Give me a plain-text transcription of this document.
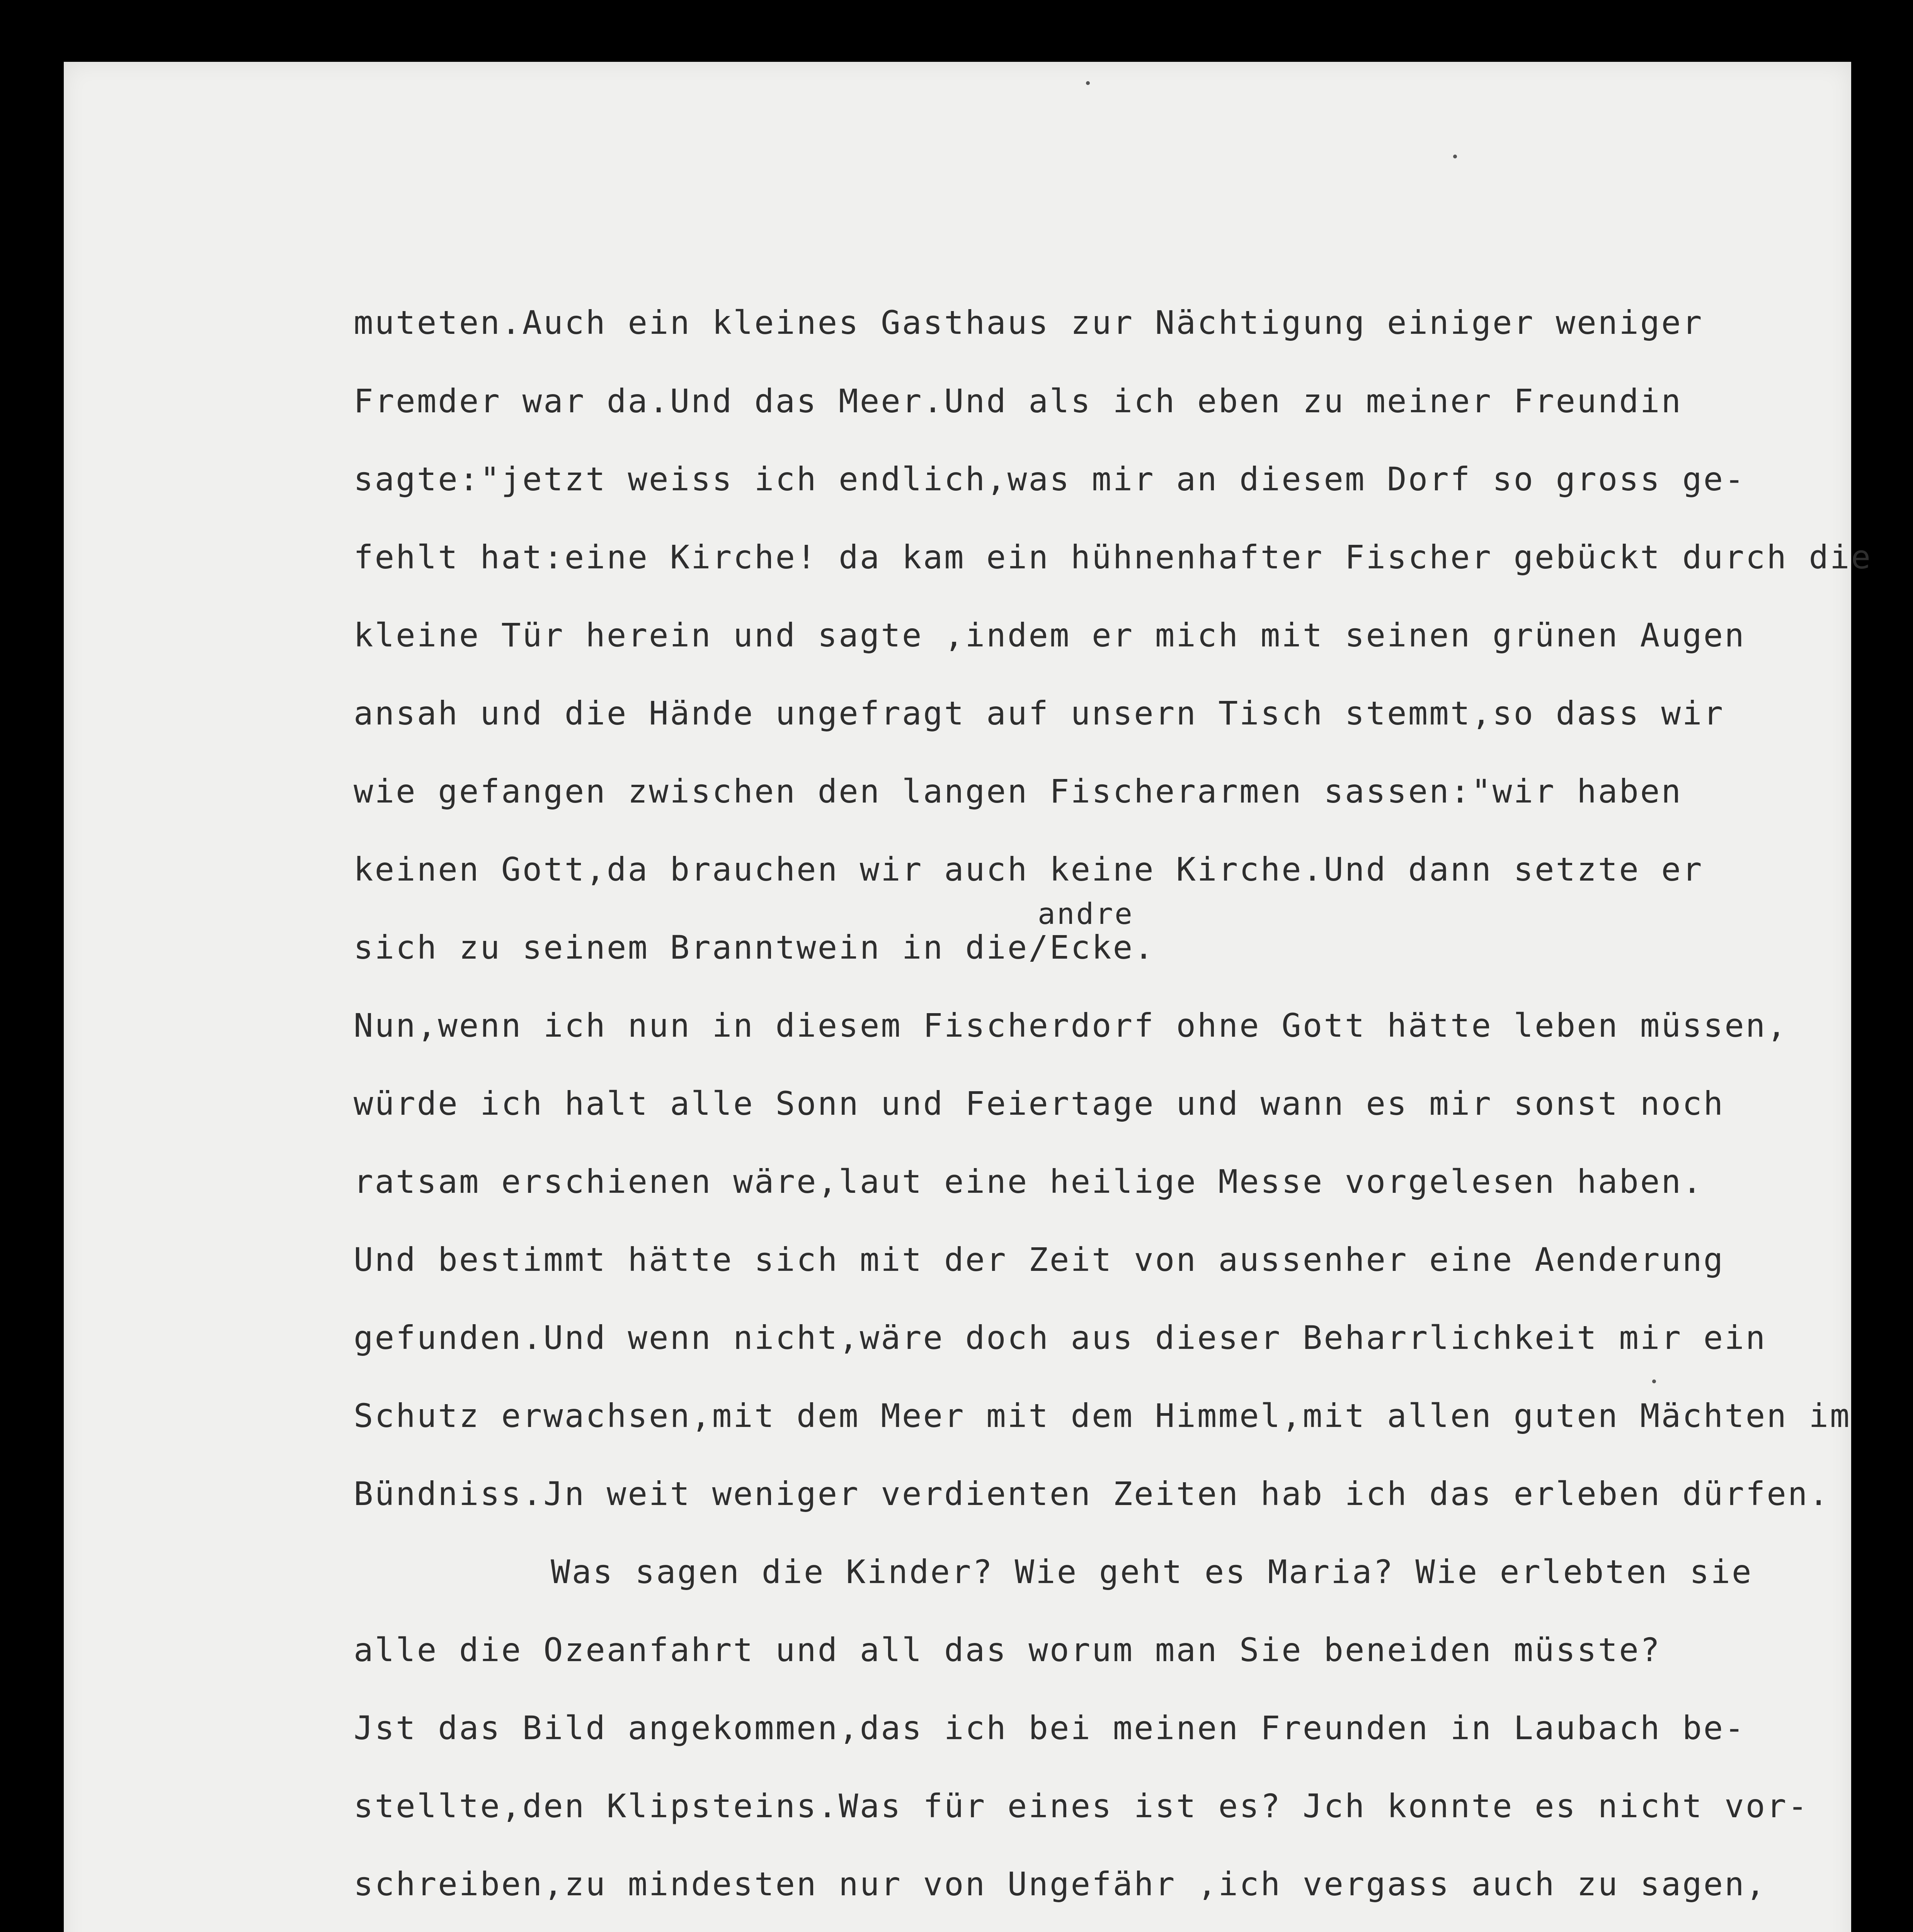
muteten.Auch ein kleines Gasthaus zur Nächtigung einiger weniger
Fremder war da.Und das Meer.Und als ich eben zu meiner Freundin
sagte:"jetzt weiss ich endlich,was mir an diesem Dorf so gross ge-
fehlt hat:eine Kirche! da kam ein hühnenhafter Fischer gebückt durch die
kleine Tür herein und sagte ,indem er mich mit seinen grünen Augen
ansah und die Hände ungefragt auf unsern Tisch stemmt,so dass wir
wie gefangen zwischen den langen Fischerarmen sassen:"wir haben
keinen Gott,da brauchen wir auch keine Kirche.Und dann setzte er
andre
sich zu seinem Branntwein in die/Ecke.
Nun,wenn ich nun in diesem Fischerdorf ohne Gott hätte leben müssen,
würde ich halt alle Sonn und Feiertage und wann es mir sonst noch
ratsam erschienen wäre,laut eine heilige Messe vorgelesen haben.
Und bestimmt hätte sich mit der Zeit von aussenher eine Aenderung
gefunden.Und wenn nicht,wäre doch aus dieser Beharrlichkeit mir ein
Schutz erwachsen,mit dem Meer mit dem Himmel,mit allen guten Mächten im
Bündniss.Jn weit weniger verdienten Zeiten hab ich das erleben dürfen.
Was sagen die Kinder? Wie geht es Maria? Wie erlebten sie
alle die Ozeanfahrt und all das worum man Sie beneiden müsste?
Jst das Bild angekommen,das ich bei meinen Freunden in Laubach be-
stellte,den Klipsteins.Was für eines ist es? Jch konnte es nicht vor-
schreiben,zu mindesten nur von Ungefähr ,ich vergass auch zu sagen,
